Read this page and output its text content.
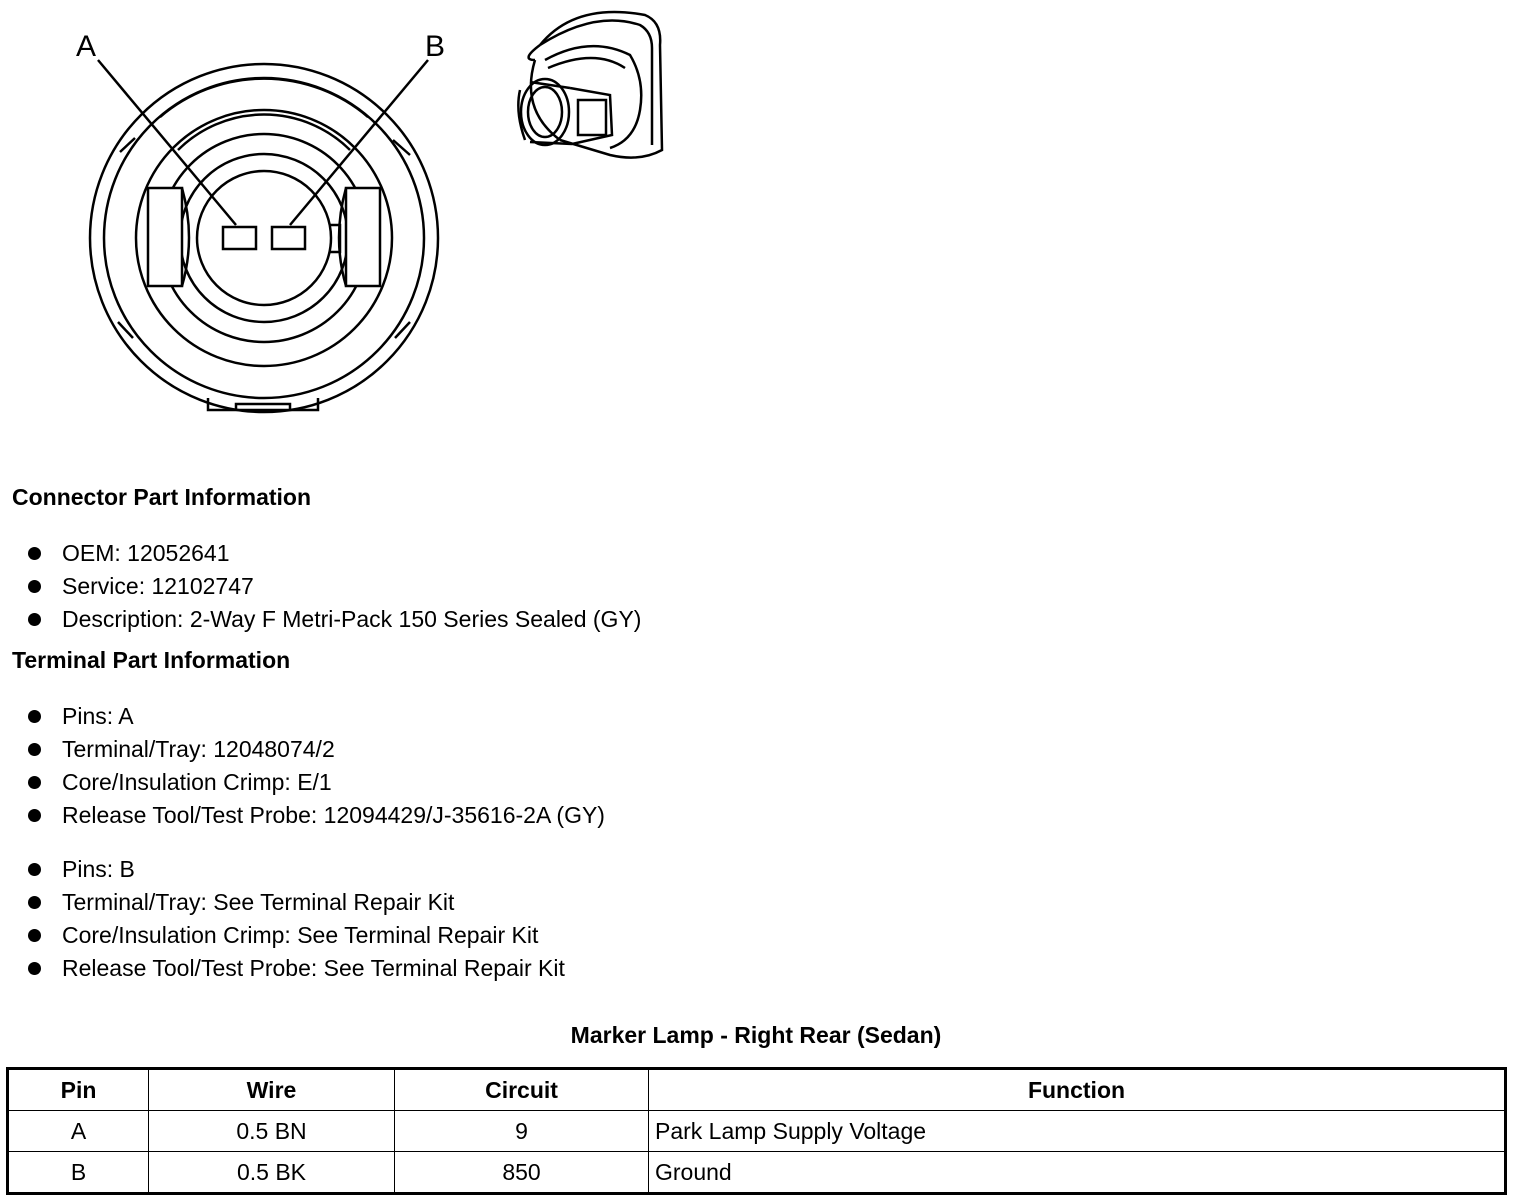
A	B
Connector Part Information
OEM: 12052641
Service: 12102747
Description: 2-Way F Metri-Pack 150 Series Sealed (GY)
Terminal Part Information
Pins: A
Terminal/Tray: 12048074/2
Core/Insulation Crimp: E/1
Release Tool/Test Probe: 12094429/J-35616-2A (GY)
Pins: B
Terminal/Tray: See Terminal Repair Kit
Core/Insulation Crimp: See Terminal Repair Kit
Release Tool/Test Probe: See Terminal Repair Kit
Marker Lamp - Right Rear (Sedan)
Pin	Wire	Circuit	Function
A	0.5 BN	9	Park Lamp Supply Voltage
B	0.5 BK	850	Ground
